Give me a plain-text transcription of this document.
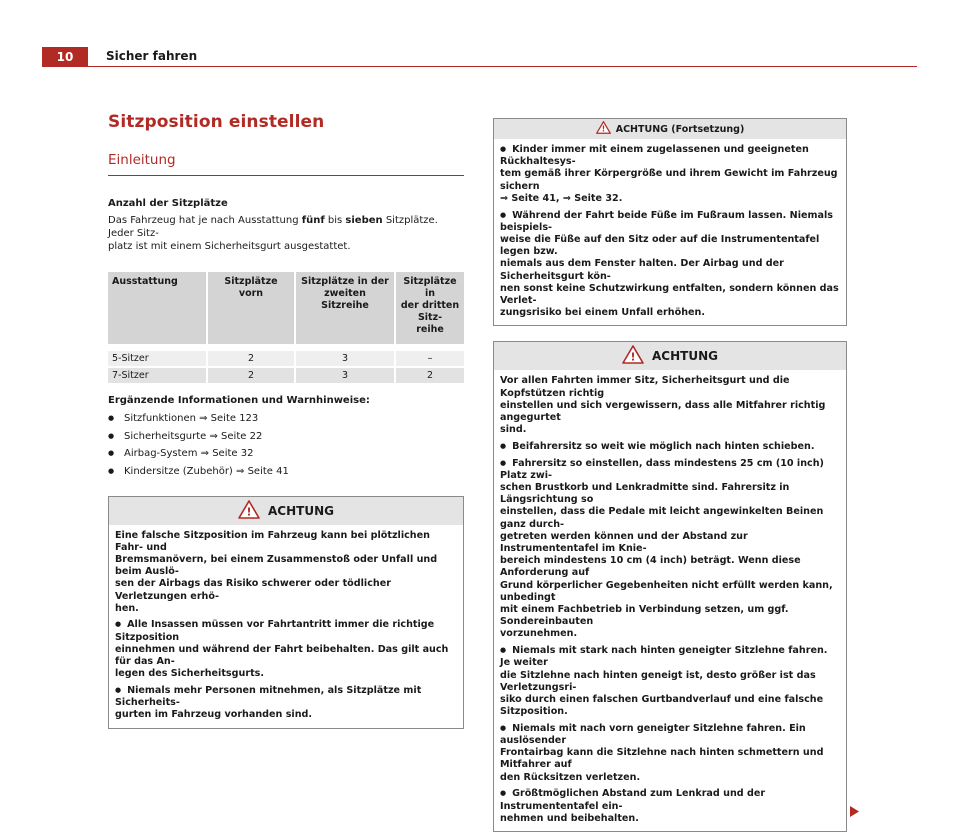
10	Sicher fahren
Sitzposition einstellen
Einleitung
Anzahl der Sitzplätze

Das Fahrzeug hat je nach Ausstattung fünf bis sieben Sitzplätze. Jeder Sitz-
platz ist mit einem Sicherheitsgurt ausgestattet.

Ausstattung	Sitzplätze vorn	Sitzplätze in der zweiten Sitzreihe	Sitzplätze in
der dritten Sitz-
reihe

5-Sitzer	2	3	–
7-Sitzer	2	3	2
Ergänzende Informationen und Warnhinweise:
● Sitzfunktionen ⇒ Seite 123
● Sicherheitsgurte ⇒ Seite 22
● Airbag-System ⇒ Seite 32
● Kindersitze (Zubehör) ⇒ Seite 41
! ACHTUNG

Eine falsche Sitzposition im Fahrzeug kann bei plötzlichen Fahr- und
Bremsmanövern, bei einem Zusammenstoß oder Unfall und beim Auslö-
sen der Airbags das Risiko schwerer oder tödlicher Verletzungen erhö-
hen.

● Alle Insassen müssen vor Fahrtantritt immer die richtige Sitzposition
einnehmen und während der Fahrt beibehalten. Das gilt auch für das An-
legen des Sicherheitsgurts.

● Niemals mehr Personen mitnehmen, als Sitzplätze mit Sicherheits-
gurten im Fahrzeug vorhanden sind.

! ACHTUNG (Fortsetzung)

● Kinder immer mit einem zugelassenen und geeigneten Rückhaltesys-
tem gemäß ihrer Körpergröße und ihrem Gewicht im Fahrzeug sichern
⇒ Seite 41, ⇒ Seite 32.

● Während der Fahrt beide Füße im Fußraum lassen. Niemals beispiels-
weise die Füße auf den Sitz oder auf die Instrumententafel legen bzw.
niemals aus dem Fenster halten. Der Airbag und der Sicherheitsgurt kön-
nen sonst keine Schutzwirkung entfalten, sondern können das Verlet-
zungsrisiko bei einem Unfall erhöhen.

! ACHTUNG

Vor allen Fahrten immer Sitz, Sicherheitsgurt und die Kopfstützen richtig
einstellen und sich vergewissern, dass alle Mitfahrer richtig angegurtet
sind.

● Beifahrersitz so weit wie möglich nach hinten schieben.

● Fahrersitz so einstellen, dass mindestens 25 cm (10 inch) Platz zwi-
schen Brustkorb und Lenkradmitte sind. Fahrersitz in Längsrichtung so
einstellen, dass die Pedale mit leicht angewinkelten Beinen ganz durch-
getreten werden können und der Abstand zur Instrumententafel im Knie-
bereich mindestens 10 cm (4 inch) beträgt. Wenn diese Anforderung auf
Grund körperlicher Gegebenheiten nicht erfüllt werden kann, unbedingt
mit einem Fachbetrieb in Verbindung setzen, um ggf. Sondereinbauten
vorzunehmen.

● Niemals mit stark nach hinten geneigter Sitzlehne fahren. Je weiter
die Sitzlehne nach hinten geneigt ist, desto größer ist das Verletzungsri-
siko durch einen falschen Gurtbandverlauf und eine falsche Sitzposition.

● Niemals mit nach vorn geneigter Sitzlehne fahren. Ein auslösender
Frontairbag kann die Sitzlehne nach hinten schmettern und Mitfahrer auf
den Rücksitzen verletzen.

● Größtmöglichen Abstand zum Lenkrad und der Instrumententafel ein-
nehmen und beibehalten.
